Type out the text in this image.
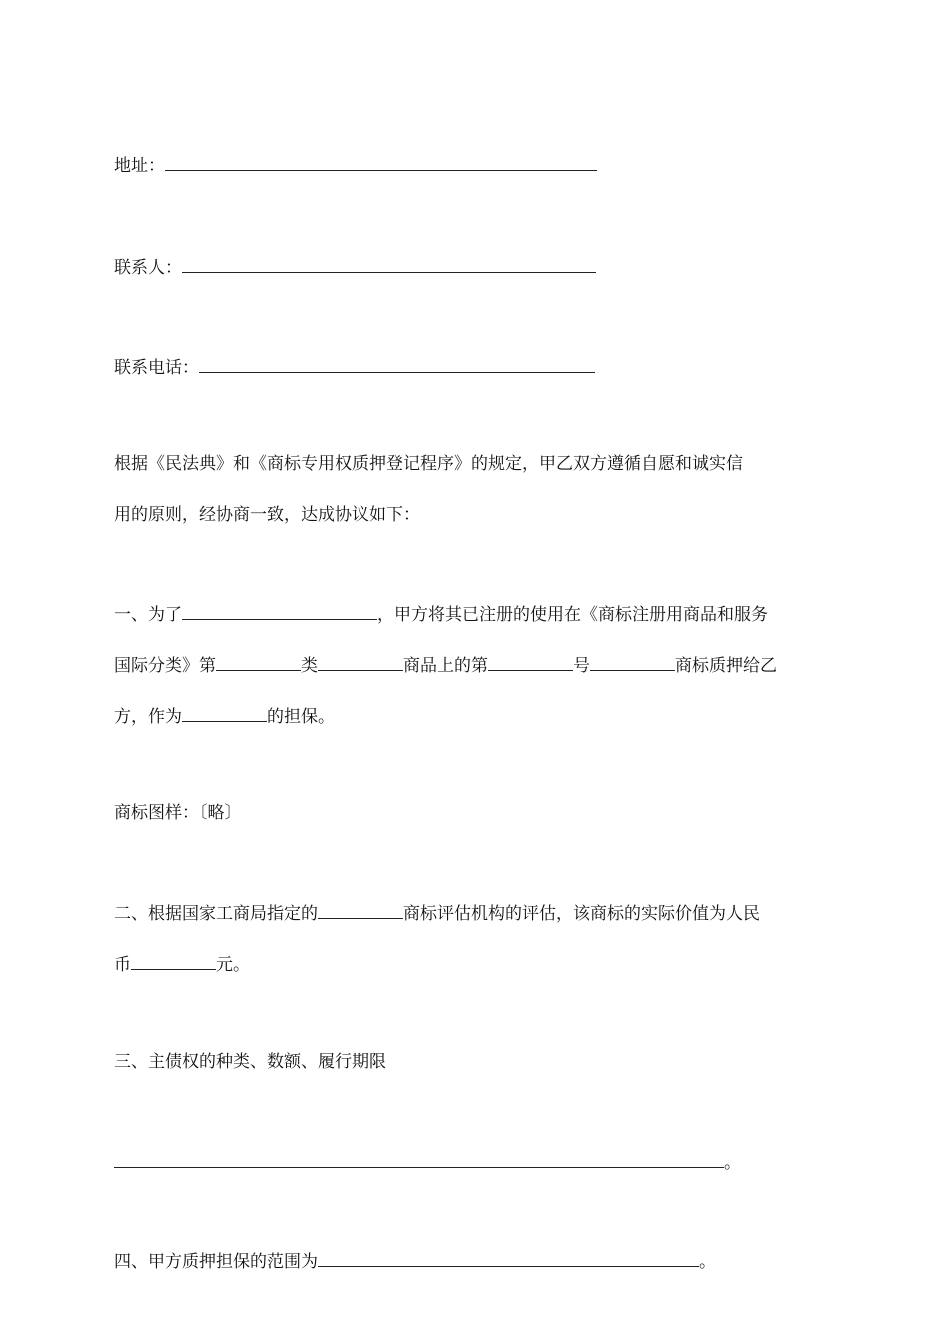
地址：
联系人：
联系电话：
根据《民法典》和《商标专用权质押登记程序》的规定，甲乙双方遵循自愿和诚实信
用的原则，经协商一致，达成协议如下：
一、为了	，甲方将其已注册的使用在《商标注册用商品和服务
国际分类》第	类	商品上的第	号	商标质押给乙
方，作为	的担保。
商标图样：〔略〕
二、根据国家工商局指定的	商标评估机构的评估，该商标的实际价值为人民
币	元。
三、主债权的种类、数额、履行期限
。
四、甲方质押担保的范围为	。
